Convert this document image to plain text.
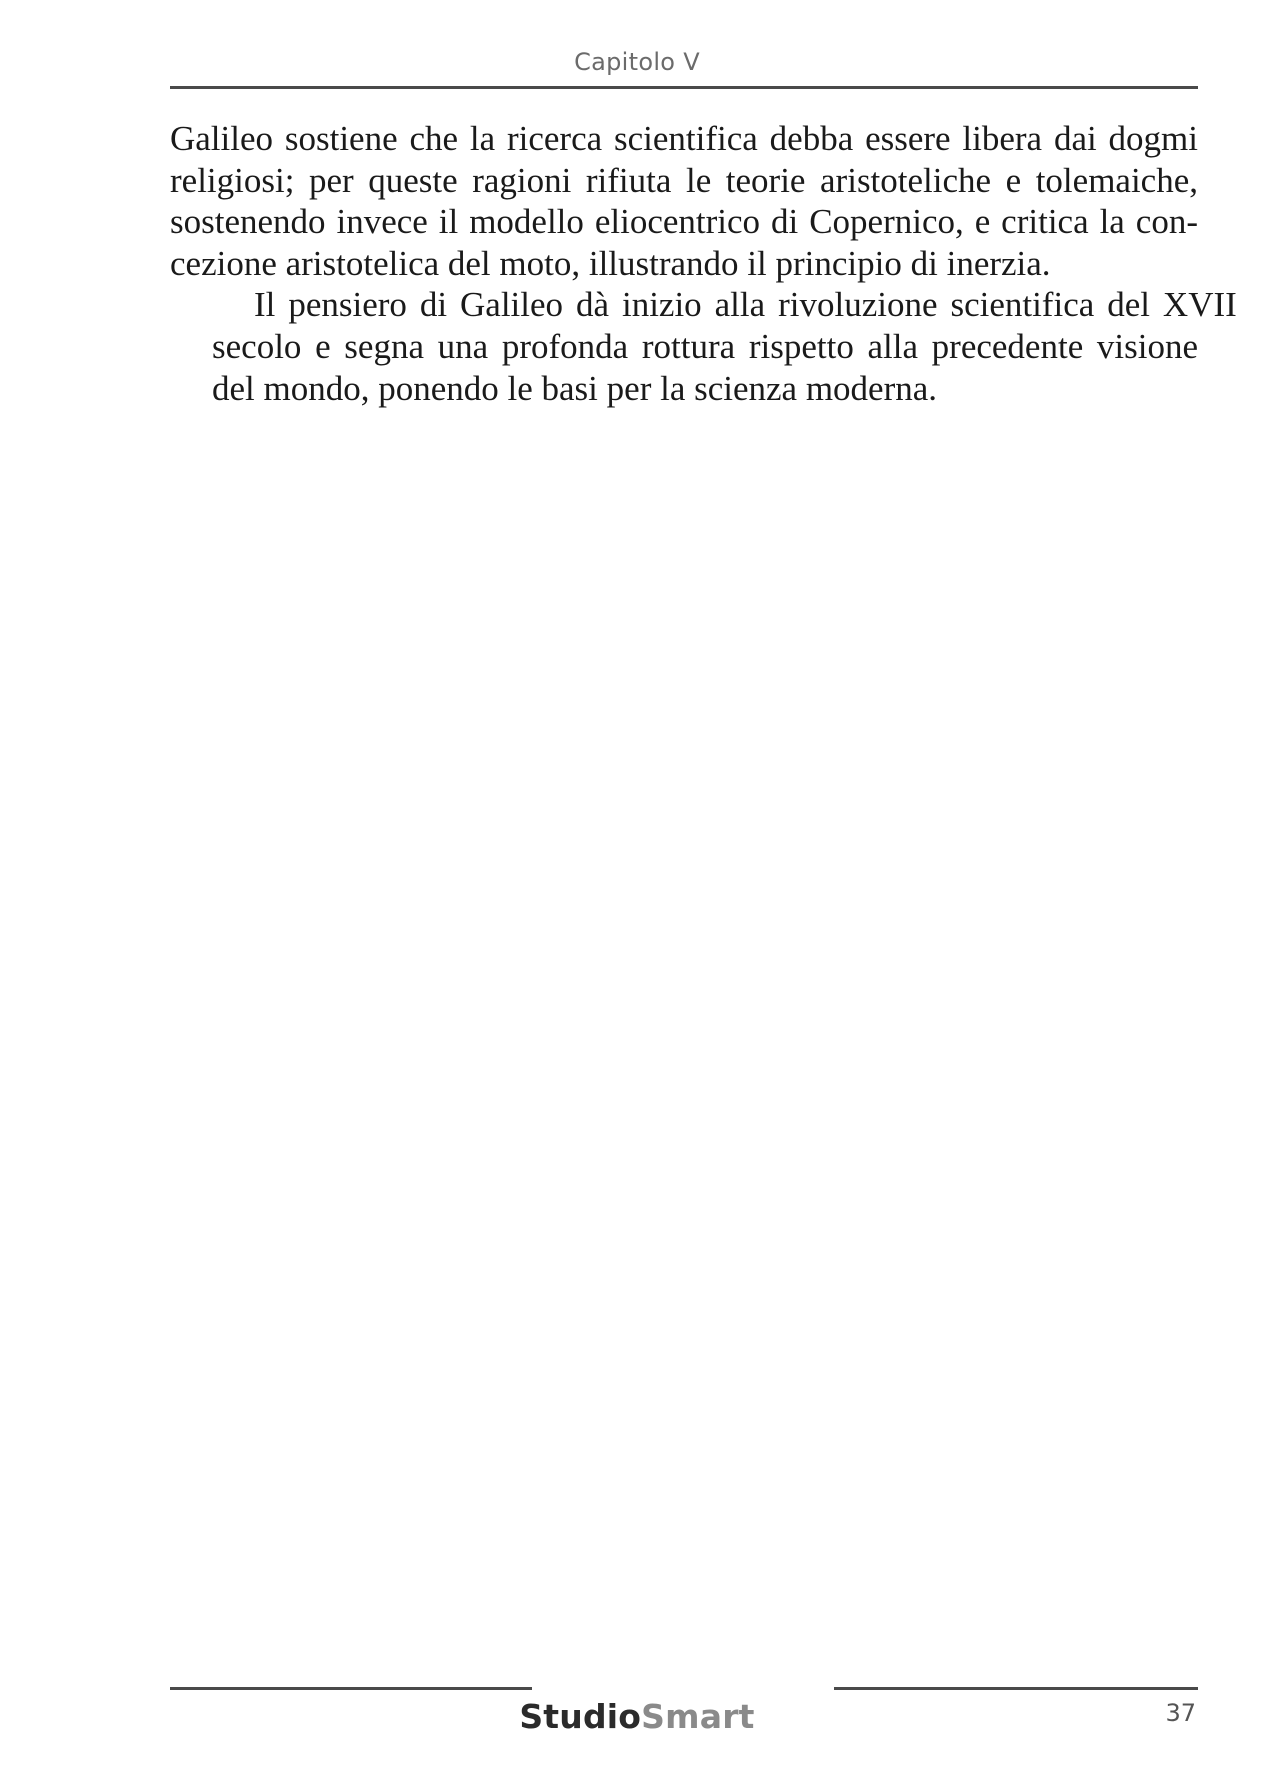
Capitolo V

Galileo sostiene che la ricerca scientifica debba essere libera dai dogmi
religiosi; per queste ragioni rifiuta le teorie aristoteliche e tolemaiche,
sostenendo invece il modello eliocentrico di Copernico, e critica la con-
cezione aristotelica del moto, illustrando il principio di inerzia.

Il pensiero di Galileo dà inizio alla rivoluzione scientifica del XVII
secolo e segna una profonda rottura rispetto alla precedente visione
del mondo, ponendo le basi per la scienza moderna.

StudioSmart	37
